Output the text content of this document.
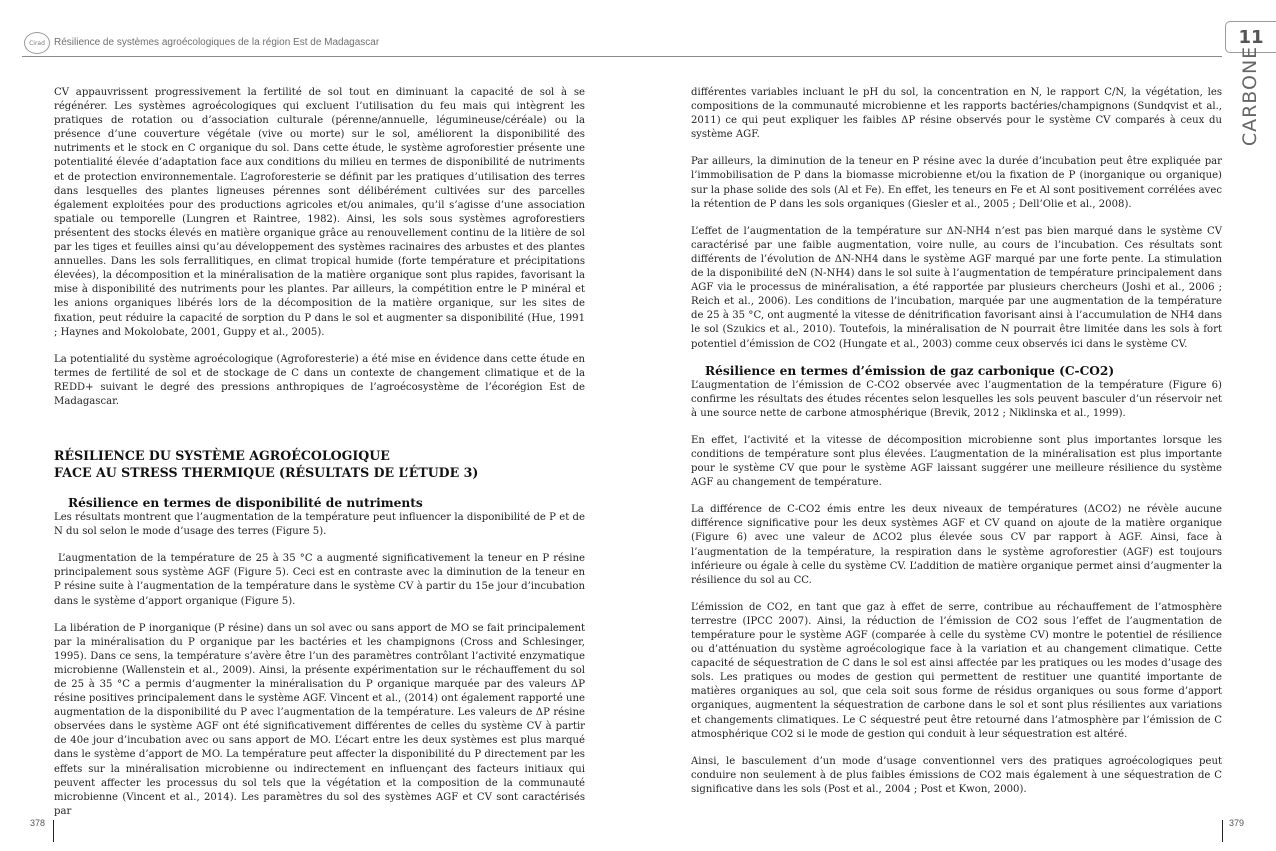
Cirad Résilience de systèmes agroécologiques de la région Est de Madagascar	11
CARBONE

CV appauvrissent progressivement la fertilité de sol tout en diminuant la capacité de sol à se régénérer. Les systèmes agroécologiques qui excluent l’utilisation du feu mais qui intègrent les pratiques de rotation ou d’association culturale (pérenne/annuelle, légumineuse/céréale) ou la présence d’une couverture végétale (vive ou morte) sur le sol, améliorent la disponibilité des nutriments et le stock en C organique du sol. Dans cette étude, le système agroforestier présente une potentialité élevée d’adaptation face aux conditions du milieu en termes de disponibilité de nutriments et de protection environnementale. L’agroforesterie se définit par les pratiques d’utilisation des terres dans lesquelles des plantes ligneuses pérennes sont délibérément cultivées sur des parcelles également exploitées pour des productions agricoles et/ou animales, qu’il s’agisse d’une association spatiale ou temporelle (Lungren et Raintree, 1982). Ainsi, les sols sous systèmes agroforestiers présentent des stocks élevés en matière organique grâce au renouvellement continu de la litière de sol par les tiges et feuilles ainsi qu’au développement des systèmes racinaires des arbustes et des plantes annuelles. Dans les sols ferrallitiques, en climat tropical humide (forte température et précipitations élevées), la décomposition et la minéralisation de la matière organique sont plus rapides, favorisant la mise à disponibilité des nutriments pour les plantes. Par ailleurs, la compétition entre le P minéral et les anions organiques libérés lors de la décomposition de la matière organique, sur les sites de fixation, peut réduire la capacité de sorption du P dans le sol et augmenter sa disponibilité (Hue, 1991 ; Haynes and Mokolobate, 2001, Guppy et al., 2005).

La potentialité du système agroécologique (Agroforesterie) a été mise en évidence dans cette étude en termes de fertilité de sol et de stockage de C dans un contexte de changement climatique et de la REDD+ suivant le degré des pressions anthropiques de l’agroécosystème de l’écorégion Est de Madagascar.

RÉSILIENCE DU SYSTÈME AGROÉCOLOGIQUE
FACE AU STRESS THERMIQUE (RÉSULTATS DE L’ÉTUDE 3)
Résilience en termes de disponibilité de nutriments

Les résultats montrent que l’augmentation de la température peut influencer la disponibilité de P et de N du sol selon le mode d’usage des terres (Figure 5).

L’augmentation de la température de 25 à 35 °C a augmenté significativement la teneur en P résine principalement sous système AGF (Figure 5). Ceci est en contraste avec la diminution de la teneur en P résine suite à l’augmentation de la température dans le système CV à partir du 15e jour d’incubation dans le système d’apport organique (Figure 5).

La libération de P inorganique (P résine) dans un sol avec ou sans apport de MO se fait principalement par la minéralisation du P organique par les bactéries et les champignons (Cross and Schlesinger, 1995). Dans ce sens, la température s’avère être l’un des paramètres contrôlant l’activité enzymatique microbienne (Wallenstein et al., 2009). Ainsi, la présente expérimentation sur le réchauffement du sol de 25 à 35 °C a permis d’augmenter la minéralisation du P organique marquée par des valeurs ΔP résine positives principalement dans le système AGF. Vincent et al., (2014) ont également rapporté une augmentation de la disponibilité du P avec l’augmentation de la température. Les valeurs de ΔP résine observées dans le système AGF ont été significativement différentes de celles du système CV à partir de 40e jour d’incubation avec ou sans apport de MO. L’écart entre les deux systèmes est plus marqué dans le système d’apport de MO. La température peut affecter la disponibilité du P directement par les effets sur la minéralisation microbienne ou indirectement en influençant des facteurs initiaux qui peuvent affecter les processus du sol tels que la végétation et la composition de la communauté microbienne (Vincent et al., 2014). Les paramètres du sol des systèmes AGF et CV sont caractérisés par

différentes variables incluant le pH du sol, la concentration en N, le rapport C/N, la végétation, les compositions de la communauté microbienne et les rapports bactéries/champignons (Sundqvist et al., 2011) ce qui peut expliquer les faibles ΔP résine observés pour le système CV comparés à ceux du système AGF.

Par ailleurs, la diminution de la teneur en P résine avec la durée d’incubation peut être expliquée par l’immobilisation de P dans la biomasse microbienne et/ou la fixation de P (inorganique ou organique) sur la phase solide des sols (Al et Fe). En effet, les teneurs en Fe et Al sont positivement corrélées avec la rétention de P dans les sols organiques (Giesler et al., 2005 ; Dell’Olie et al., 2008).

L’effet de l’augmentation de la température sur ΔN-NH4 n’est pas bien marqué dans le système CV caractérisé par une faible augmentation, voire nulle, au cours de l’incubation. Ces résultats sont différents de l’évolution de ΔN-NH4 dans le système AGF marqué par une forte pente. La stimulation de la disponibilité deN (N-NH4) dans le sol suite à l’augmentation de température principalement dans AGF via le processus de minéralisation, a été rapportée par plusieurs chercheurs (Joshi et al., 2006 ; Reich et al., 2006). Les conditions de l’incubation, marquée par une augmentation de la température de 25 à 35 °C, ont augmenté la vitesse de dénitrification favorisant ainsi à l’accumulation de NH4 dans le sol (Szukics et al., 2010). Toutefois, la minéralisation de N pourrait être limitée dans les sols à fort potentiel d’émission de CO2 (Hungate et al., 2003) comme ceux observés ici dans le système CV.

Résilience en termes d’émission de gaz carbonique (C-CO2)

L’augmentation de l’émission de C-CO2 observée avec l’augmentation de la température (Figure 6) confirme les résultats des études récentes selon lesquelles les sols peuvent basculer d’un réservoir net à une source nette de carbone atmosphérique (Brevik, 2012 ; Niklinska et al., 1999).

En effet, l’activité et la vitesse de décomposition microbienne sont plus importantes lorsque les conditions de température sont plus élevées. L’augmentation de la minéralisation est plus importante pour le système CV que pour le système AGF laissant suggérer une meilleure résilience du système AGF au changement de température.

La différence de C-CO2 émis entre les deux niveaux de températures (ΔCO2) ne révèle aucune différence significative pour les deux systèmes AGF et CV quand on ajoute de la matière organique (Figure 6) avec une valeur de ΔCO2 plus élevée sous CV par rapport à AGF. Ainsi, face à l’augmentation de la température, la respiration dans le système agroforestier (AGF) est toujours inférieure ou égale à celle du système CV. L’addition de matière organique permet ainsi d’augmenter la résilience du sol au CC.

L’émission de CO2, en tant que gaz à effet de serre, contribue au réchauffement de l’atmosphère terrestre (IPCC 2007). Ainsi, la réduction de l’émission de CO2 sous l’effet de l’augmentation de température pour le système AGF (comparée à celle du système CV) montre le potentiel de résilience ou d’atténuation du système agroécologique face à la variation et au changement climatique. Cette capacité de séquestration de C dans le sol est ainsi affectée par les pratiques ou les modes d’usage des sols. Les pratiques ou modes de gestion qui permettent de restituer une quantité importante de matières organiques au sol, que cela soit sous forme de résidus organiques ou sous forme d’apport organiques, augmentent la séquestration de carbone dans le sol et sont plus résilientes aux variations et changements climatiques. Le C séquestré peut être retourné dans l’atmosphère par l’émission de C atmosphérique CO2 si le mode de gestion qui conduit à leur séquestration est altéré.

Ainsi, le basculement d’un mode d’usage conventionnel vers des pratiques agroécologiques peut conduire non seulement à de plus faibles émissions de CO2 mais également à une séquestration de C significative dans les sols (Post et al., 2004 ; Post et Kwon, 2000).

378	379
